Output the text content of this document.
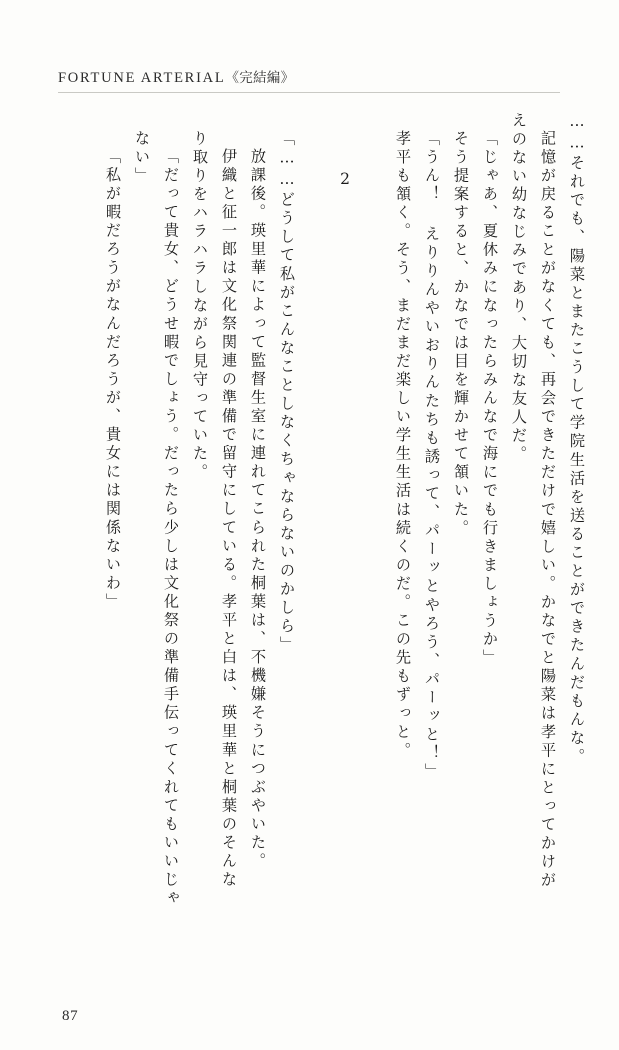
FORTUNE ARTERIAL《完結編》
……それでも、陽菜とまたこうして学院生活を送ることができたんだもんな。
記憶が戻ることがなくても、再会できただけで嬉しい。かなでと陽菜は孝平にとってかけが
えのない幼なじみであり、大切な友人だ。
「じゃあ、夏休みになったらみんなで海にでも行きましょうか」
そう提案すると、かなでは目を輝かせて頷いた。
「うん！ えりりんやいおりんたちも誘って、パーッとやろう、パーッと！」
孝平も頷く。そう、まだまだ楽しい学生生活は続くのだ。この先もずっと。
2
「……どうして私がこんなことしなくちゃならないのかしら」
放課後。瑛里華によって監督生室に連れてこられた桐葉は、不機嫌そうにつぶやいた。
伊織と征一郎は文化祭関連の準備で留守にしている。孝平と白は、瑛里華と桐葉のそんな
り取りをハラハラしながら見守っていた。
「だって貴女、どうせ暇でしょう。だったら少しは文化祭の準備手伝ってくれてもいいじゃ
ない」
「私が暇だろうがなんだろうが、貴女には関係ないわ」
87
